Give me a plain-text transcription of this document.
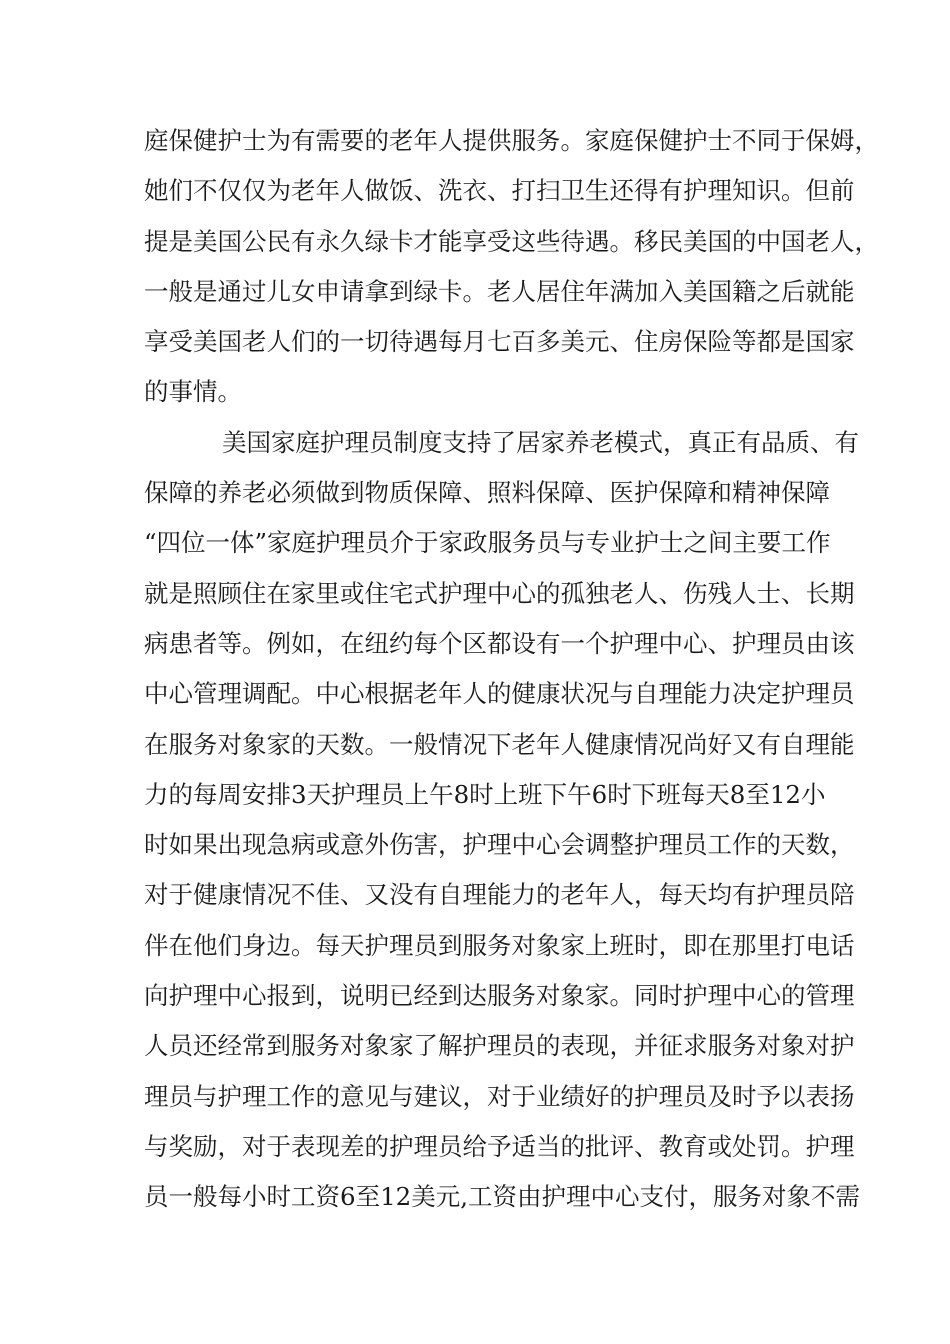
庭保健护士为有需要的老年人提供服务。家庭保健护士不同于保姆，
她们不仅仅为老年人做饭、洗衣、打扫卫生还得有护理知识。但前
提是美国公民有永久绿卡才能享受这些待遇。移民美国的中国老人，
一般是通过儿女申请拿到绿卡。老人居住年满加入美国籍之后就能
享受美国老人们的一切待遇每月七百多美元、住房保险等都是国家
的事情。
美国家庭护理员制度支持了居家养老模式，真正有品质、有
保障的养老必须做到物质保障、照料保障、医护保障和精神保障
“四位一体”家庭护理员介于家政服务员与专业护士之间主要工作
就是照顾住在家里或住宅式护理中心的孤独老人、伤残人士、长期
病患者等。例如，在纽约每个区都设有一个护理中心、护理员由该
中心管理调配。中心根据老年人的健康状况与自理能力决定护理员
在服务对象家的天数。一般情况下老年人健康情况尚好又有自理能
力的每周安排3天护理员上午8时上班下午6时下班每天8至12小
时如果出现急病或意外伤害，护理中心会调整护理员工作的天数，
对于健康情况不佳、又没有自理能力的老年人，每天均有护理员陪
伴在他们身边。每天护理员到服务对象家上班时，即在那里打电话
向护理中心报到，说明已经到达服务对象家。同时护理中心的管理
人员还经常到服务对象家了解护理员的表现，并征求服务对象对护
理员与护理工作的意见与建议，对于业绩好的护理员及时予以表扬
与奖励，对于表现差的护理员给予适当的批评、教育或处罚。护理
员一般每小时工资6至12美元,工资由护理中心支付，服务对象不需
